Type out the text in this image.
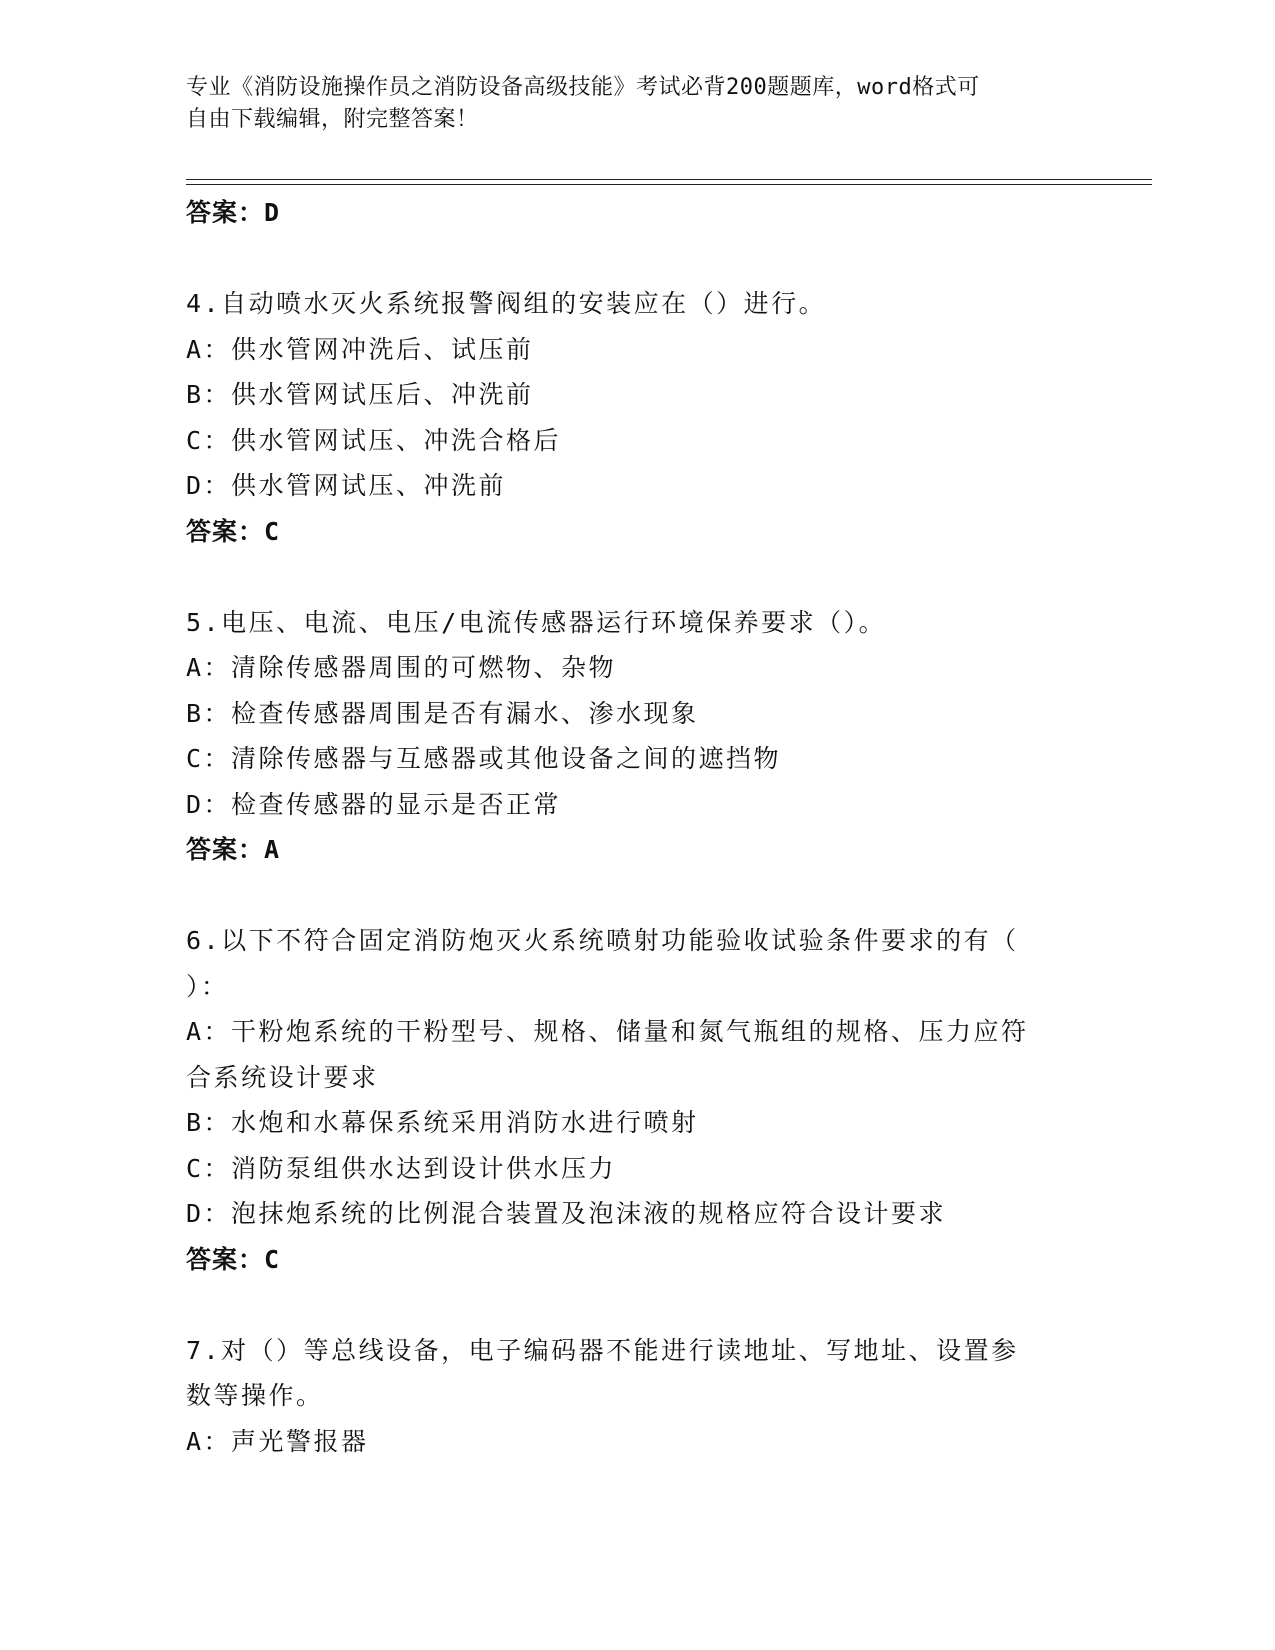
专业《消防设施操作员之消防设备高级技能》考试必背200题题库，word格式可
自由下载编辑，附完整答案！
答案：D
4.自动喷水灭火系统报警阀组的安装应在（）进行。
A：供水管网冲洗后、试压前
B：供水管网试压后、冲洗前
C：供水管网试压、冲洗合格后
D：供水管网试压、冲洗前
答案：C
5.电压、电流、电压/电流传感器运行环境保养要求（）。
A：清除传感器周围的可燃物、杂物
B：检查传感器周围是否有漏水、渗水现象
C：清除传感器与互感器或其他设备之间的遮挡物
D：检查传感器的显示是否正常
答案：A
6.以下不符合固定消防炮灭火系统喷射功能验收试验条件要求的有（
）：
A：干粉炮系统的干粉型号、规格、储量和氮气瓶组的规格、压力应符
合系统设计要求
B：水炮和水幕保系统采用消防水进行喷射
C：消防泵组供水达到设计供水压力
D：泡抹炮系统的比例混合装置及泡沫液的规格应符合设计要求
答案：C
7.对（）等总线设备，电子编码器不能进行读地址、写地址、设置参
数等操作。
A：声光警报器
